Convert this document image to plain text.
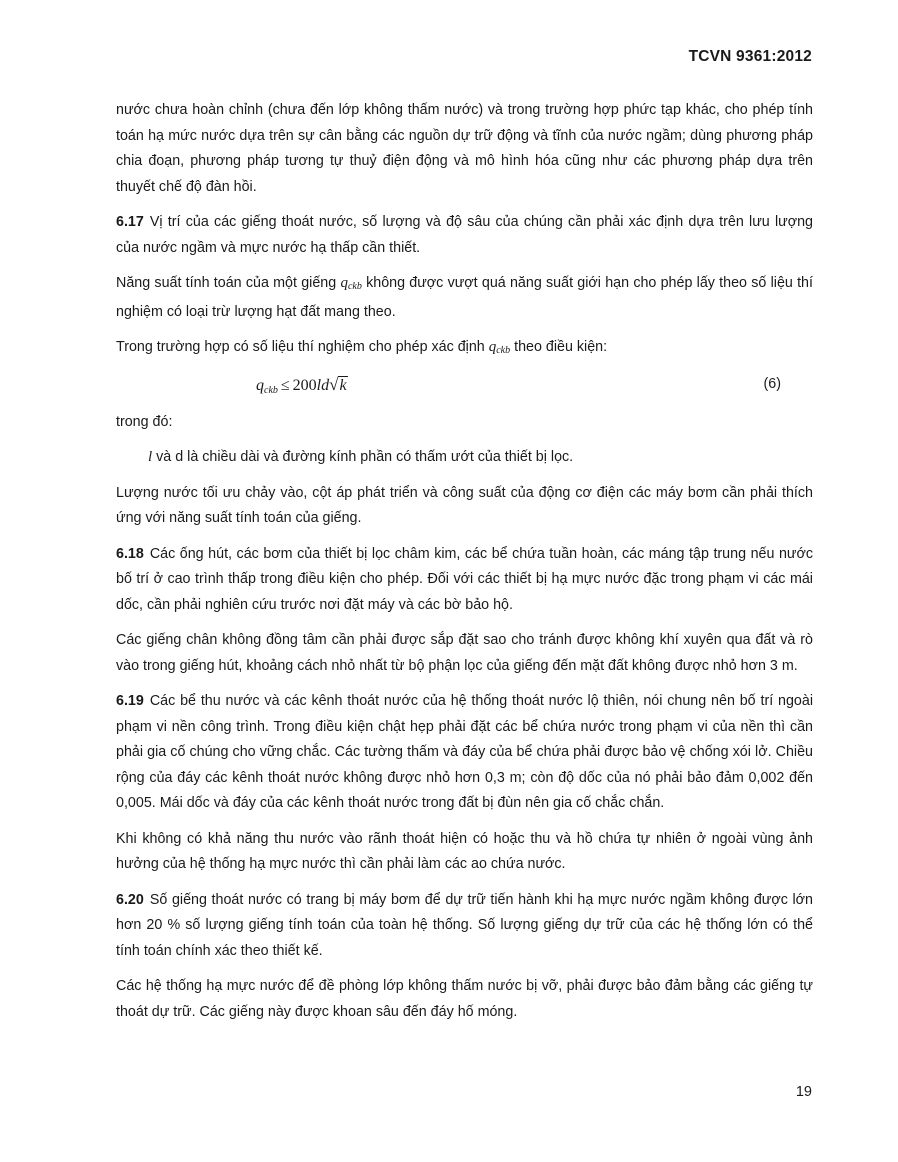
TCVN 9361:2012

nước chưa hoàn chỉnh (chưa đến lớp không thấm nước) và trong trường hợp phức tạp khác, cho phép tính toán hạ mức nước dựa trên sự cân bằng các nguồn dự trữ động và tĩnh của nước ngầm; dùng phương pháp chia đoạn, phương pháp tương tự thuỷ điện động và mô hình hóa cũng như các phương pháp dựa trên thuyết chế độ đàn hồi.

6.17 Vị trí của các giếng thoát nước, số lượng và độ sâu của chúng cần phải xác định dựa trên lưu lượng của nước ngầm và mực nước hạ thấp cần thiết.

Năng suất tính toán của một giếng $q_{ckb}$ không được vượt quá năng suất giới hạn cho phép lấy theo số liệu thí nghiệm có loại trừ lượng hạt đất mang theo.

Trong trường hợp có số liệu thí nghiệm cho phép xác định $q_{ckb}$ theo điều kiện:

$q_{ckb} \le 200ld√k$	(6)

trong đó:

l và d là chiều dài và đường kính phần có thấm ướt của thiết bị lọc.

Lượng nước tối ưu chảy vào, cột áp phát triển và công suất của động cơ điện các máy bơm cần phải thích ứng với năng suất tính toán của giếng.

6.18 Các ống hút, các bơm của thiết bị lọc châm kim, các bể chứa tuần hoàn, các máng tập trung nếu nước bố trí ở cao trình thấp trong điều kiện cho phép. Đối với các thiết bị hạ mực nước đặc trong phạm vi các mái dốc, cần phải nghiên cứu trước nơi đặt máy và các bờ bảo hộ.

Các giếng chân không đồng tâm cần phải được sắp đặt sao cho tránh được không khí xuyên qua đất và rò vào trong giếng hút, khoảng cách nhỏ nhất từ bộ phận lọc của giếng đến mặt đất không được nhỏ hơn 3 m.

6.19 Các bể thu nước và các kênh thoát nước của hệ thống thoát nước lộ thiên, nói chung nên bố trí ngoài phạm vi nền công trình. Trong điều kiện chật hẹp phải đặt các bể chứa nước trong phạm vi của nền thì cần phải gia cố chúng cho vững chắc. Các tường thấm và đáy của bể chứa phải được bảo vệ chống xói lở. Chiều rộng của đáy các kênh thoát nước không được nhỏ hơn 0,3 m; còn độ dốc của nó phải bảo đảm 0,002 đến 0,005. Mái dốc và đáy của các kênh thoát nước trong đất bị đùn nên gia cố chắc chắn.

Khi không có khả năng thu nước vào rãnh thoát hiện có hoặc thu và hồ chứa tự nhiên ở ngoài vùng ảnh hưởng của hệ thống hạ mực nước thì cần phải làm các ao chứa nước.

6.20 Số giếng thoát nước có trang bị máy bơm để dự trữ tiến hành khi hạ mực nước ngầm không được lớn hơn 20 % số lượng giếng tính toán của toàn hệ thống. Số lượng giếng dự trữ của các hệ thống lớn có thể tính toán chính xác theo thiết kế.

Các hệ thống hạ mực nước để đề phòng lớp không thấm nước bị vỡ, phải được bảo đảm bằng các giếng tự thoát dự trữ. Các giếng này được khoan sâu đến đáy hố móng.

19
